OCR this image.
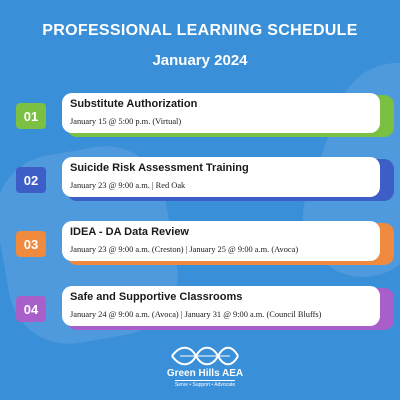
PROFESSIONAL LEARNING SCHEDULE
January 2024
01
Substitute Authorization
January 15 @ 5:00 p.m. (Virtual)
02
Suicide Risk Assessment Training
January 23 @ 9:00 a.m. | Red Oak
03
IDEA - DA Data Review
January 23 @ 9:00 a.m. (Creston) | January 25 @ 9:00 a.m. (Avoca)
04
Safe and Supportive Classrooms
January 24 @ 9:00 a.m. (Avoca) | January 31 @ 9:00 a.m. (Council Bluffs)
Green Hills AEA
Serve • Support • Advocate
